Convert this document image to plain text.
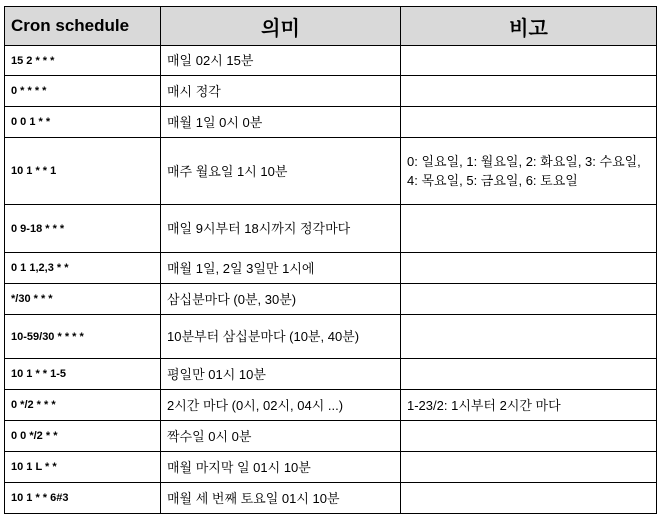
Cron schedule	의미	비고
15 2 * * *	매일 02시 15분	
0 * * * *	매시 정각	
0 0 1 * *	매월 1일 0시 0분	
10 1 * * 1	매주 월요일 1시 10분	0: 일요일, 1: 월요일, 2: 화요일, 3: 수요일, 4: 목요일, 5: 금요일, 6: 토요일
0 9-18 * * *	매일 9시부터 18시까지 정각마다	
0 1 1,2,3 * *	매월 1일, 2일 3일만 1시에	
*/30 * * *	삼십분마다 (0분, 30분)	
10-59/30 * * * *	10분부터 삼십분마다 (10분, 40분)	
10 1 * * 1-5	평일만 01시 10분	
0 */2 * * *	2시간 마다 (0시, 02시, 04시 ...)	1-23/2: 1시부터 2시간 마다
0 0 */2 * *	짝수일 0시 0분	
10 1 L * *	매월 마지막 일 01시 10분	
10 1 * * 6#3	매월 세 번째 토요일 01시 10분	
